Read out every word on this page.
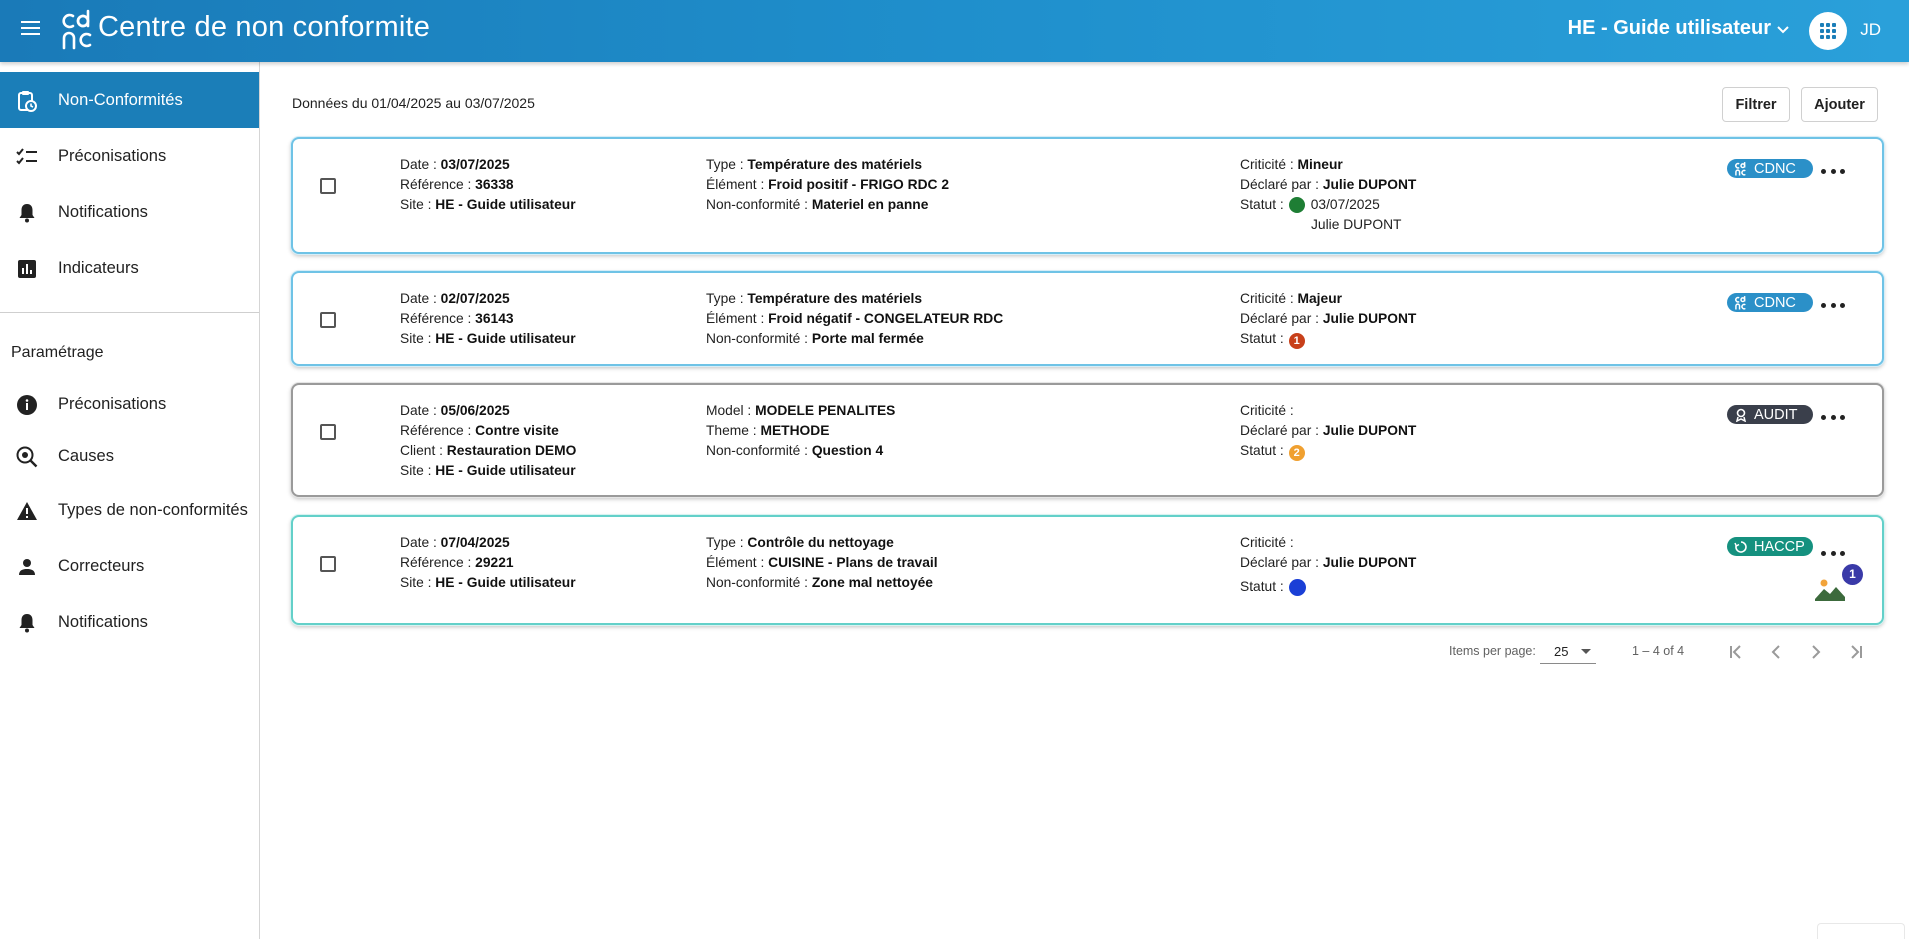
Centre de non conformite	HE - Guide utilisateur	JD
Non-Conformités
Préconisations
Notifications
Indicateurs
Paramétrage
Préconisations
Causes
Types de non-conformités
Correcteurs
Notifications
Données du 01/04/2025 au 03/07/2025	Filtrer	Ajouter
Date :
03/07/2025
Référence :
36338
Site :
HE - Guide utilisateur
Type :
Température des matériels
Élément :
Froid positif - FRIGO RDC 2
Non-conformité :
Materiel en panne
Criticité :
Mineur
Déclaré par :
Julie DUPONT
Statut : 03/07/2025
Julie DUPONT
CDNC
Date :
02/07/2025
Référence :
36143
Site :
HE - Guide utilisateur
Type :
Température des matériels
Élément :
Froid négatif - CONGELATEUR RDC
Non-conformité :
Porte mal fermée
Criticité :
Majeur
Déclaré par :
Julie DUPONT
Statut : 1
CDNC
Date :
05/06/2025
Référence :
Contre visite
Client :
Restauration DEMO
Site :
HE - Guide utilisateur
Model :
MODELE PENALITES
Theme :
METHODE
Non-conformité :
Question 4
Criticité :

Déclaré par :
Julie DUPONT
Statut : 2
AUDIT
Date :
07/04/2025
Référence :
29221
Site :
HE - Guide utilisateur
Type :
Contrôle du nettoyage
Élément :
CUISINE - Plans de travail
Non-conformité :
Zone mal nettoyée
Criticité :

Déclaré par :
Julie DUPONT
Statut :
HACCP
1
Items per page: 25	1 – 4 of 4
